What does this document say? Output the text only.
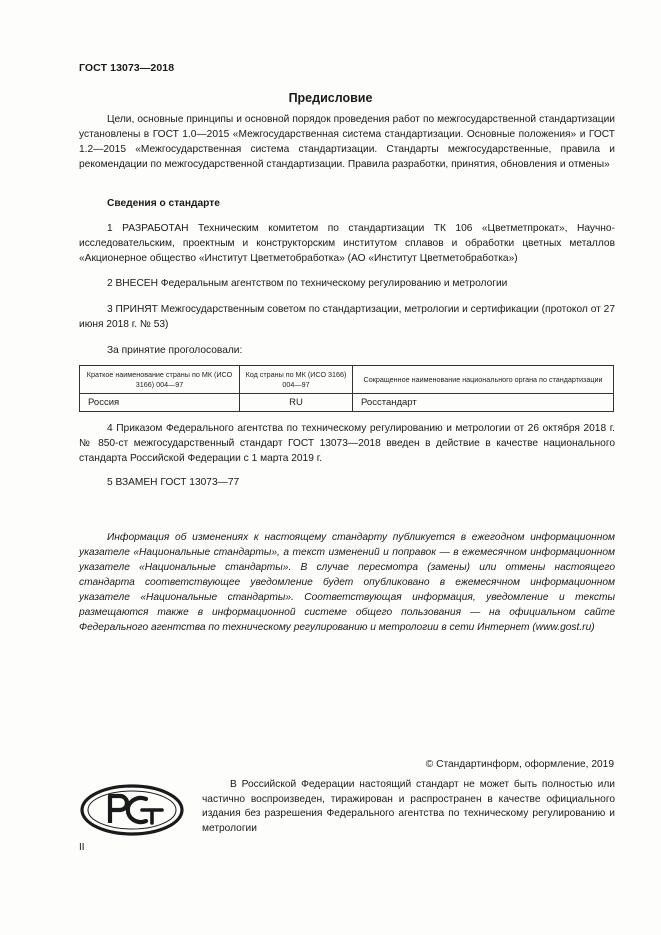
ГОСТ 13073—2018
Предисловие

Цели, основные принципы и основной порядок проведения работ по межгосударственной стандартизации установлены в ГОСТ 1.0—2015 «Межгосударственная система стандартизации. Основные положения» и ГОСТ 1.2—2015 «Межгосударственная система стандартизации. Стандарты межгосударственные, правила и рекомендации по межгосударственной стандартизации. Правила разработки, принятия, обновления и отмены»

Сведения о стандарте

1 РАЗРАБОТАН Техническим комитетом по стандартизации ТК 106 «Цветметпрокат», Научно-исследовательским, проектным и конструкторским институтом сплавов и обработки цветных металлов «Акционерное общество «Институт Цветметобработка» (АО «Институт Цветметобработка»)

2 ВНЕСЕН Федеральным агентством по техническому регулированию и метрологии

3 ПРИНЯТ Межгосударственным советом по стандартизации, метрологии и сертификации (протокол от 27 июня 2018 г. № 53)

За принятие проголосовали:
Краткое наименование страны по МК (ИСО 3166) 004—97	Код страны по МК (ИСО 3166) 004—97	Сокращенное наименование национального органа по стандартизации
Россия	RU	Росстандарт

4 Приказом Федерального агентства по техническому регулированию и метрологии от 26 октября 2018 г. № 850-ст межгосударственный стандарт ГОСТ 13073—2018 введен в действие в качестве национального стандарта Российской Федерации с 1 марта 2019 г.

5 ВЗАМЕН ГОСТ 13073—77

Информация об изменениях к настоящему стандарту публикуется в ежегодном информационном указателе «Национальные стандарты», а текст изменений и поправок — в ежемесячном информационном указателе «Национальные стандарты». В случае пересмотра (замены) или отмены настоящего стандарта соответствующее уведомление будет опубликовано в ежемесячном информационном указателе «Национальные стандарты». Соответствующая информация, уведомление и тексты размещаются также в информационной системе общего пользования — на официальном сайте Федерального агентства по техническому регулированию и метрологии в сети Интернет (www.gost.ru)

© Стандартинформ, оформление, 2019

В Российской Федерации настоящий стандарт не может быть полностью или частично воспроизведен, тиражирован и распространен в качестве официального издания без разрешения Федерального агентства по техническому регулированию и метрологии

II
